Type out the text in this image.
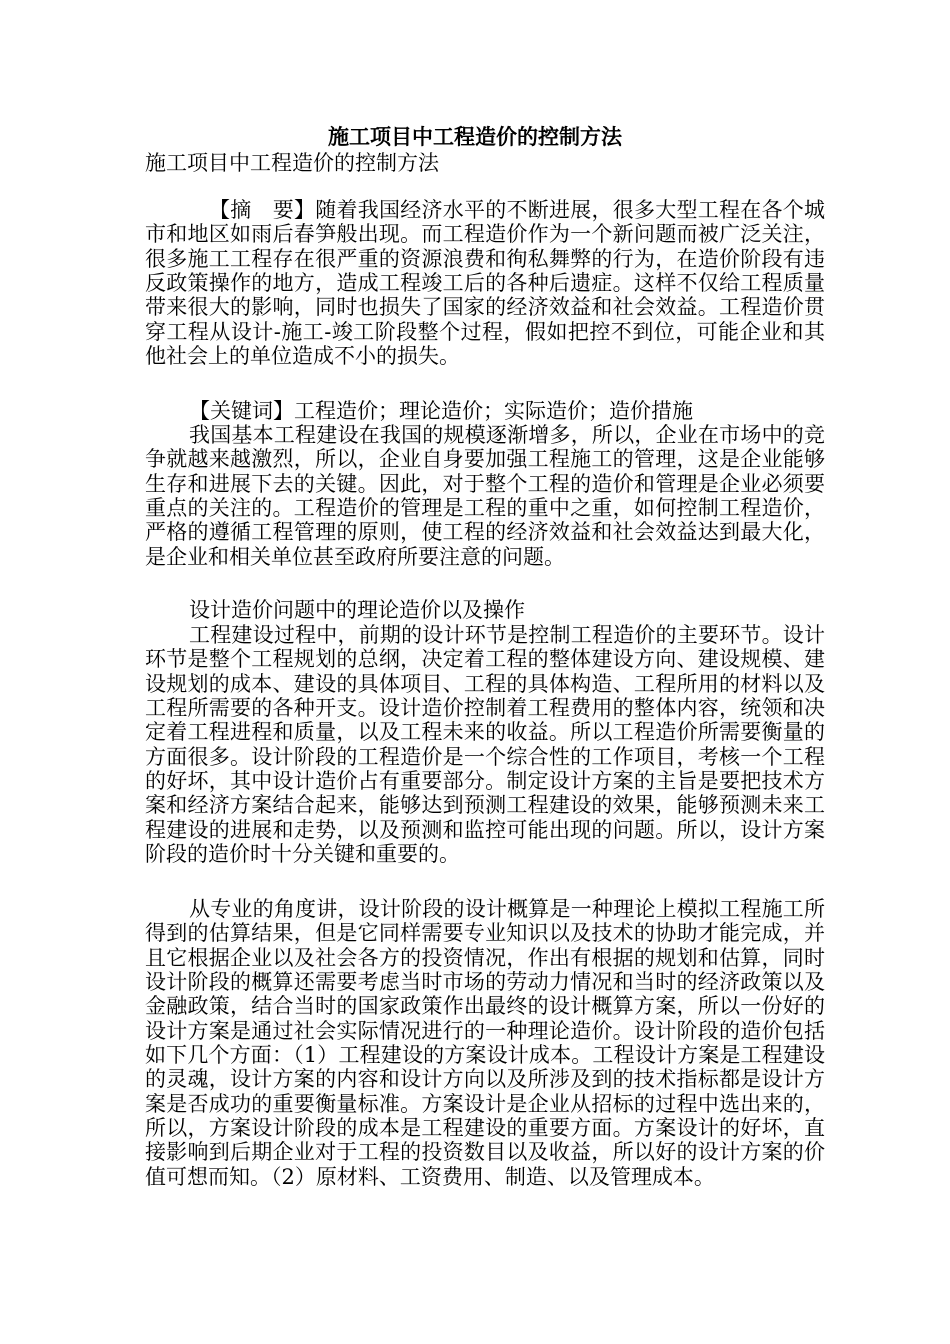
施工项目中工程造价的控制方法
施工项目中工程造价的控制方法

【摘　要】随着我国经济水平的不断进展，很多大型工程在各个城市和地区如雨后春笋般出现。而工程造价作为一个新问题而被广泛关注，很多施工工程存在很严重的资源浪费和徇私舞弊的行为，在造价阶段有违反政策操作的地方，造成工程竣工后的各种后遗症。这样不仅给工程质量带来很大的影响，同时也损失了国家的经济效益和社会效益。工程造价贯穿工程从设计-施工-竣工阶段整个过程，假如把控不到位，可能企业和其他社会上的单位造成不小的损失。

【关键词】工程造价；理论造价；实际造价；造价措施

我国基本工程建设在我国的规模逐渐增多，所以，企业在市场中的竞争就越来越激烈，所以，企业自身要加强工程施工的管理，这是企业能够生存和进展下去的关键。因此，对于整个工程的造价和管理是企业必须要重点的关注的。工程造价的管理是工程的重中之重，如何控制工程造价，严格的遵循工程管理的原则，使工程的经济效益和社会效益达到最大化，是企业和相关单位甚至政府所要注意的问题。

设计造价问题中的理论造价以及操作

工程建设过程中，前期的设计环节是控制工程造价的主要环节。设计环节是整个工程规划的总纲，决定着工程的整体建设方向、建设规模、建设规划的成本、建设的具体项目、工程的具体构造、工程所用的材料以及工程所需要的各种开支。设计造价控制着工程费用的整体内容，统领和决定着工程进程和质量，以及工程未来的收益。所以工程造价所需要衡量的方面很多。设计阶段的工程造价是一个综合性的工作项目，考核一个工程的好坏，其中设计造价占有重要部分。制定设计方案的主旨是要把技术方案和经济方案结合起来，能够达到预测工程建设的效果，能够预测未来工程建设的进展和走势，以及预测和监控可能出现的问题。所以，设计方案阶段的造价时十分关键和重要的。

从专业的角度讲，设计阶段的设计概算是一种理论上模拟工程施工所得到的估算结果，但是它同样需要专业知识以及技术的协助才能完成，并且它根据企业以及社会各方的投资情况，作出有根据的规划和估算，同时设计阶段的概算还需要考虑当时市场的劳动力情况和当时的经济政策以及金融政策，结合当时的国家政策作出最终的设计概算方案，所以一份好的设计方案是通过社会实际情况进行的一种理论造价。设计阶段的造价包括如下几个方面：（1）工程建设的方案设计成本。工程设计方案是工程建设的灵魂，设计方案的内容和设计方向以及所涉及到的技术指标都是设计方案是否成功的重要衡量标准。方案设计是企业从招标的过程中选出来的，所以，方案设计阶段的成本是工程建设的重要方面。方案设计的好坏，直接影响到后期企业对于工程的投资数目以及收益，所以好的设计方案的价值可想而知。（2）原材料、工资费用、制造、以及管理成本。
